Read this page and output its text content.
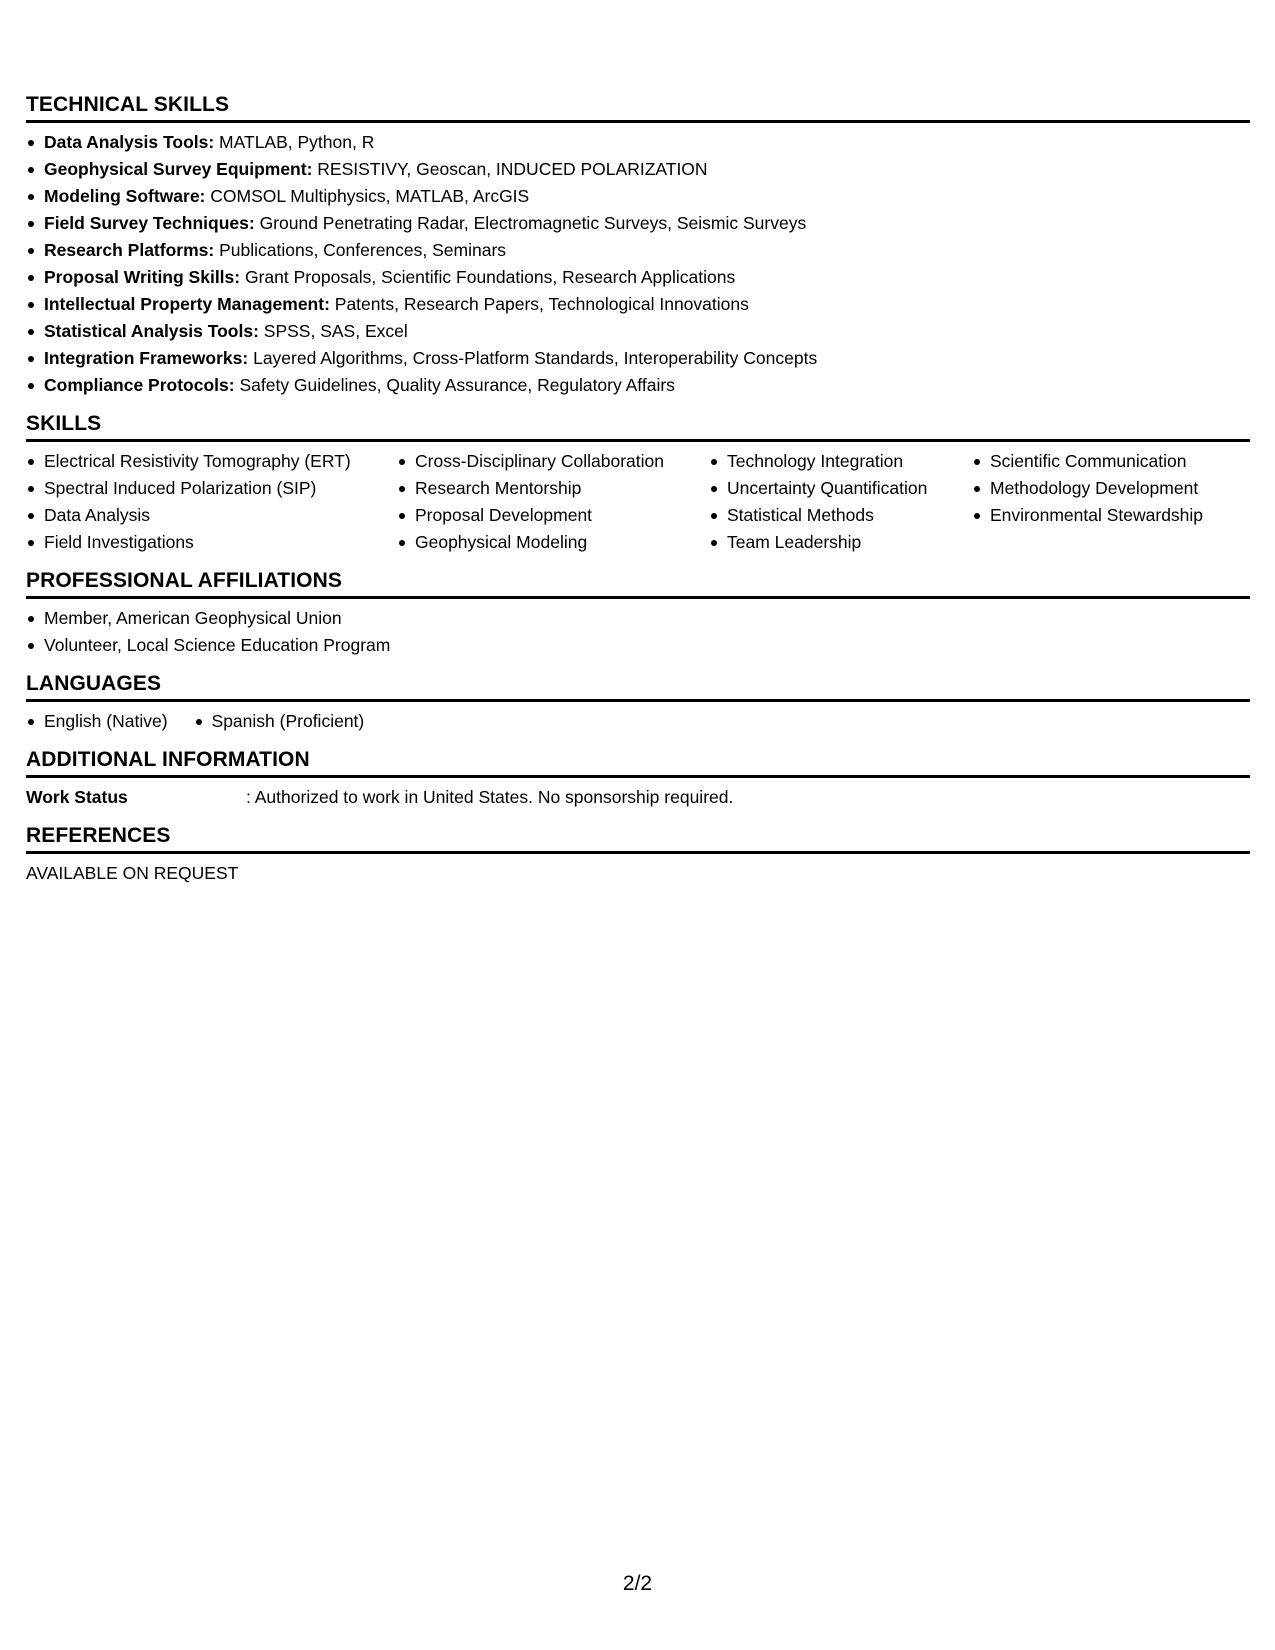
TECHNICAL SKILLS
Data Analysis Tools: MATLAB, Python, R
Geophysical Survey Equipment: RESISTIVY, Geoscan, INDUCED POLARIZATION
Modeling Software: COMSOL Multiphysics, MATLAB, ArcGIS
Field Survey Techniques: Ground Penetrating Radar, Electromagnetic Surveys, Seismic Surveys
Research Platforms: Publications, Conferences, Seminars
Proposal Writing Skills: Grant Proposals, Scientific Foundations, Research Applications
Intellectual Property Management: Patents, Research Papers, Technological Innovations
Statistical Analysis Tools: SPSS, SAS, Excel
Integration Frameworks: Layered Algorithms, Cross-Platform Standards, Interoperability Concepts
Compliance Protocols: Safety Guidelines, Quality Assurance, Regulatory Affairs
SKILLS
Electrical Resistivity Tomography (ERT)
Spectral Induced Polarization (SIP)
Data Analysis
Field Investigations
Cross-Disciplinary Collaboration
Research Mentorship
Proposal Development
Geophysical Modeling
Technology Integration
Uncertainty Quantification
Statistical Methods
Team Leadership
Scientific Communication
Methodology Development
Environmental Stewardship
PROFESSIONAL AFFILIATIONS
Member, American Geophysical Union
Volunteer, Local Science Education Program
LANGUAGES
English (Native)	Spanish (Proficient)
ADDITIONAL INFORMATION
Work Status	: Authorized to work in United States. No sponsorship required.
REFERENCES
AVAILABLE ON REQUEST
2/2
